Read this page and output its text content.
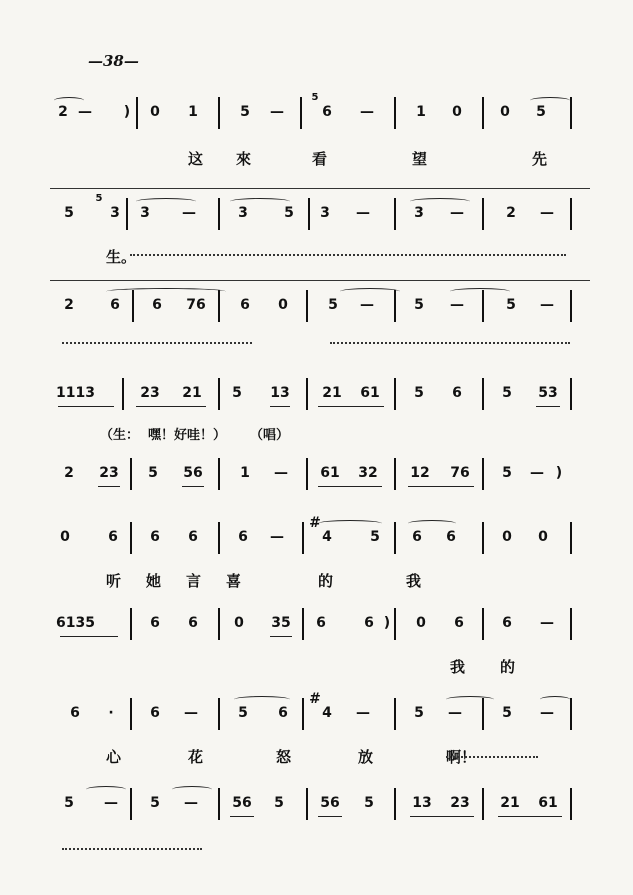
—38—
2 — ) 0 1	5 —
5
6 —	1 0	0 5
这 來	看	望	先
5
5
3 3 —	3	5 3 —	3 —	2 —
生。
2	6 6 76 6 0	5 —	5 —	5 —
1113	23	21	5	13	21	61	5 6	5	53
（生： 嘿！好哇！） （唱）
2 23 5 56	1 —	61	32	12	76	5 — )
0	6 6 6	6 —
#
4	5 6 6	0 0
听 她 言 喜	的	我
6135	6 6	0 35 6	6 ) 0 6	6 —
我 的
6	·	6 —	5 6
#
4 —	5 —	5 —
心	花	怒	放	啊！
5 — 5 —	56	5	56	5	13	23	21	61
